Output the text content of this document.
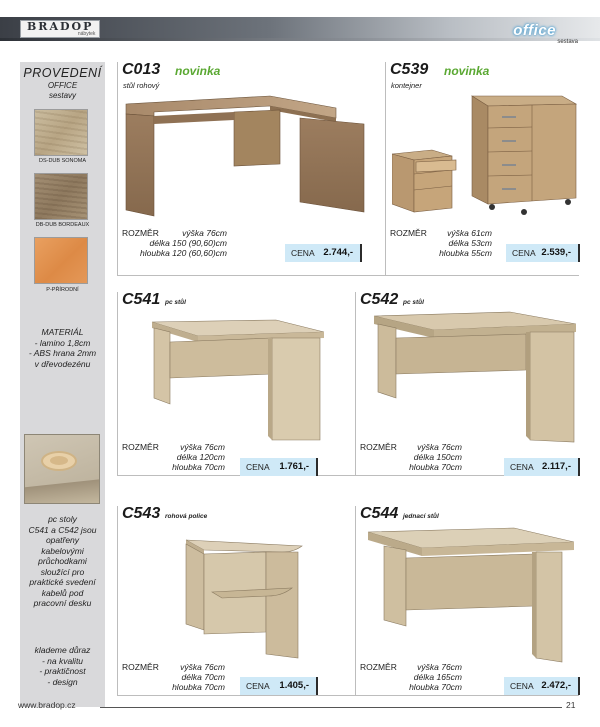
BRADOP
nábytek	office
sestava
PROVEDENÍ
OFFICE
sestavy
DS-DUB SONOMA
DB-DUB BORDEAUX
P-PŘÍRODNÍ
MATERIÁL
- lamino 1,8cm
- ABS hrana 2mm
v dřevodezénu
pc stoly
C541 a C542 jsou
opatřeny
kabelovými
průchodkami
sloužící pro
praktické svedení
kabelů pod
pracovní desku
klademe důraz
- na kvalitu
- praktičnost
- design
C013 novinka
stůl rohový
ROZMĚR	výška 76cm
délka 150 (90,60)cm
hloubka 120 (60,60)cm	CENA 2.744,-
C539 novinka
kontejner
ROZMĚR	výška 61cm
délka 53cm
hloubka 55cm CENA 2.539,-
C541 pc stůl
ROZMĚR	výška 76cm
délka 120cm
hloubka 70cm CENA 1.761,-
C542 pc stůl
ROZMĚR	výška 76cm
délka 150cm
hloubka 70cm	CENA 2.117,-
C543 rohová police
ROZMĚR	výška 76cm
délka 70cm
hloubka 70cm CENA 1.405,-
C544 jednací stůl
ROZMĚR	výška 76cm
délka 165cm
hloubka 70cm	CENA 2.472,-
www.bradop.cz	21
